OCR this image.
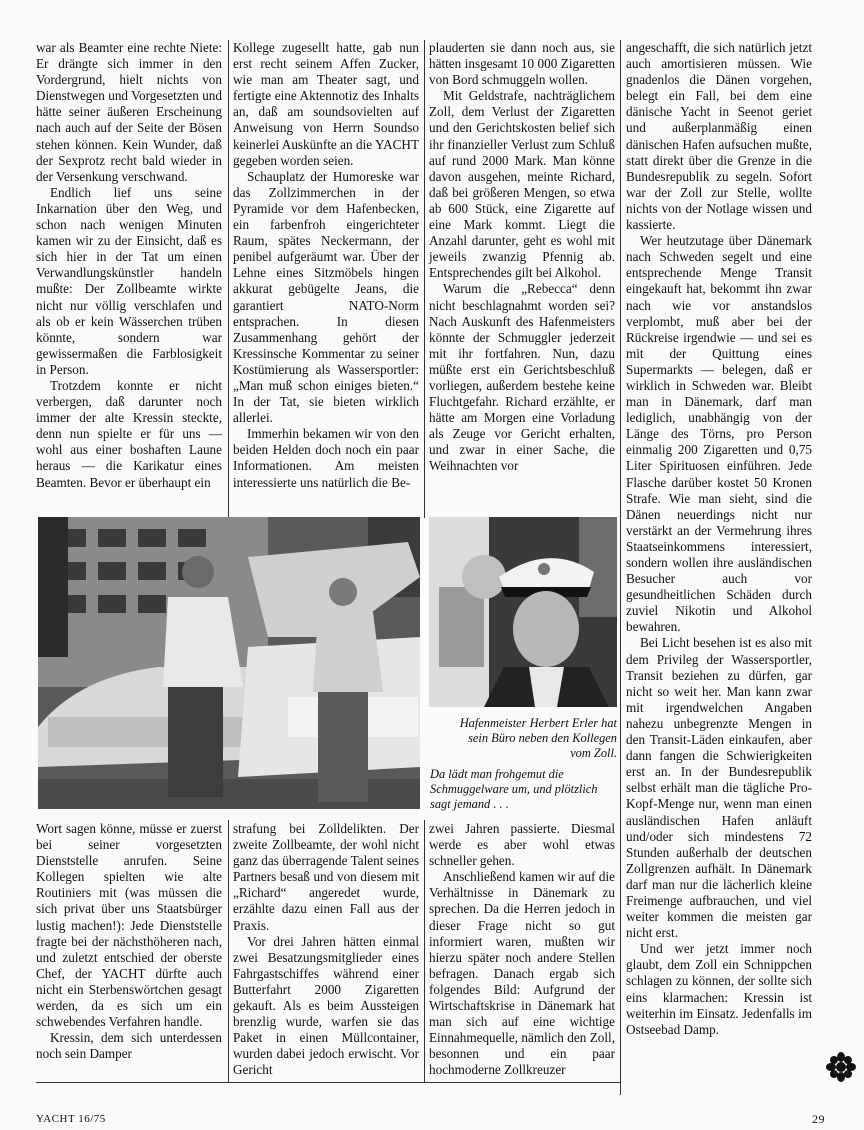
war als Beamter eine rechte Niete: Er drängte sich immer in den Vordergrund, hielt nichts von Dienstwegen und Vorgesetzten und hätte seiner äußeren Erscheinung nach auch auf der Seite der Bösen stehen können. Kein Wunder, daß der Sexprotz recht bald wieder in der Versenkung verschwand.

Endlich lief uns seine Inkarnation über den Weg, und schon nach wenigen Minuten kamen wir zu der Einsicht, daß es sich hier in der Tat um einen Verwandlungskünstler handeln mußte: Der Zollbeamte wirkte nicht nur völlig verschlafen und als ob er kein Wässerchen trüben könnte, sondern war gewissermaßen die Farblosigkeit in Person.

Trotzdem konnte er nicht verbergen, daß darunter noch immer der alte Kressin steckte, denn nun spielte er für uns — wohl aus einer boshaften Laune heraus — die Karikatur eines Beamten. Bevor er überhaupt ein

Kollege zugesellt hatte, gab nun erst recht seinem Affen Zucker, wie man am Theater sagt, und fertigte eine Aktennotiz des Inhalts an, daß am soundsovielten auf Anweisung von Herrn Soundso keinerlei Auskünfte an die YACHT gegeben worden seien.

Schauplatz der Humoreske war das Zollzimmerchen in der Pyramide vor dem Hafenbecken, ein farbenfroh eingerichteter Raum, spätes Neckermann, der penibel aufgeräumt war. Über der Lehne eines Sitzmöbels hingen akkurat gebügelte Jeans, die garantiert NATO-Norm entsprachen. In diesen Zusammenhang gehört der Kressinsche Kommentar zu seiner Kostümierung als Wassersportler: „Man muß schon einiges bieten.“ In der Tat, sie bieten wirklich allerlei.

Immerhin bekamen wir von den beiden Helden doch noch ein paar Informationen. Am meisten interessierte uns natürlich die Be-

plauderten sie dann noch aus, sie hätten insgesamt 10 000 Zigaretten von Bord schmuggeln wollen.

Mit Geldstrafe, nachträglichem Zoll, dem Verlust der Zigaretten und den Gerichtskosten belief sich ihr finanzieller Verlust zum Schluß auf rund 2000 Mark. Man könne davon ausgehen, meinte Richard, daß bei größeren Mengen, so etwa ab 600 Stück, eine Zigarette auf eine Mark kommt. Liegt die Anzahl darunter, geht es wohl mit jeweils zwanzig Pfennig ab. Entsprechendes gilt bei Alkohol.

Warum die „Rebecca“ denn nicht beschlagnahmt worden sei? Nach Auskunft des Hafenmeisters könnte der Schmuggler jederzeit mit ihr fortfahren. Nun, dazu müßte erst ein Gerichtsbeschluß vorliegen, außerdem bestehe keine Fluchtgefahr. Richard erzählte, er hätte am Morgen eine Vorladung als Zeuge vor Gericht erhalten, und zwar in einer Sache, die Weihnachten vor

angeschafft, die sich natürlich jetzt auch amortisieren müssen. Wie gnadenlos die Dänen vorgehen, belegt ein Fall, bei dem eine dänische Yacht in Seenot geriet und außerplanmäßig einen dänischen Hafen aufsuchen mußte, statt direkt über die Grenze in die Bundesrepublik zu segeln. Sofort war der Zoll zur Stelle, wollte nichts von der Notlage wissen und kassierte.

Wer heutzutage über Dänemark nach Schweden segelt und eine entsprechende Menge Transit eingekauft hat, bekommt ihn zwar nach wie vor anstandslos verplombt, muß aber bei der Rückreise irgendwie — und sei es mit der Quittung eines Supermarkts — belegen, daß er wirklich in Schweden war. Bleibt man in Dänemark, darf man lediglich, unabhängig von der Länge des Törns, pro Person einmalig 200 Zigaretten und 0,75 Liter Spirituosen einführen. Jede Flasche darüber kostet 50 Kronen Strafe. Wie man sieht, sind die Dänen neuerdings nicht nur verstärkt an der Vermehrung ihres Staatseinkommens interessiert, sondern wollen ihre ausländischen Besucher auch vor gesundheitlichen Schäden durch zuviel Nikotin und Alkohol bewahren.

Bei Licht besehen ist es also mit dem Privileg der Wassersportler, Transit beziehen zu dürfen, gar nicht so weit her. Man kann zwar mit irgendwelchen Angaben nahezu unbegrenzte Mengen in den Transit-Läden einkaufen, aber dann fangen die Schwierigkeiten erst an. In der Bundesrepublik selbst erhält man die tägliche Pro-Kopf-Menge nur, wenn man einen ausländischen Hafen anläuft und/oder sich mindestens 72 Stunden außerhalb der deutschen Zollgrenzen aufhält. In Dänemark darf man nur die lächerlich kleine Freimenge aufbrauchen, und viel weiter kommen die meisten gar nicht erst.

Und wer jetzt immer noch glaubt, dem Zoll ein Schnippchen schlagen zu können, der sollte sich eins klarmachen: Kressin ist weiterhin im Einsatz. Jedenfalls im Ostseebad Damp.

Hafenmeister Herbert Erler hat sein Büro neben den Kollegen vom Zoll.
Da lädt man frohgemut die Schmuggelware um, und plötzlich sagt jemand . . .

Wort sagen könne, müsse er zuerst bei seiner vorgesetzten Dienststelle anrufen. Seine Kollegen spielten wie alte Routiniers mit (was müssen die sich privat über uns Staatsbürger lustig machen!): Jede Dienststelle fragte bei der nächsthöheren nach, und zuletzt entschied der oberste Chef, der YACHT dürfte auch nicht ein Sterbenswörtchen gesagt werden, da es sich um ein schwebendes Verfahren handle.

Kressin, dem sich unterdessen noch sein Damper

strafung bei Zolldelikten. Der zweite Zollbeamte, der wohl nicht ganz das überragende Talent seines Partners besaß und von diesem mit „Richard“ angeredet wurde, erzählte dazu einen Fall aus der Praxis.

Vor drei Jahren hätten einmal zwei Besatzungsmitglieder eines Fahrgastschiffes während einer Butterfahrt 2000 Zigaretten gekauft. Als es beim Aussteigen brenzlig wurde, warfen sie das Paket in einen Müllcontainer, wurden dabei jedoch erwischt. Vor Gericht

zwei Jahren passierte. Diesmal werde es aber wohl etwas schneller gehen.

Anschließend kamen wir auf die Verhältnisse in Dänemark zu sprechen. Da die Herren jedoch in dieser Frage nicht so gut informiert waren, mußten wir hierzu später noch andere Stellen befragen. Danach ergab sich folgendes Bild: Aufgrund der Wirtschaftskrise in Dänemark hat man sich auf eine wichtige Einnahmequelle, nämlich den Zoll, besonnen und ein paar hochmoderne Zollkreuzer

YACHT 16/75	29
